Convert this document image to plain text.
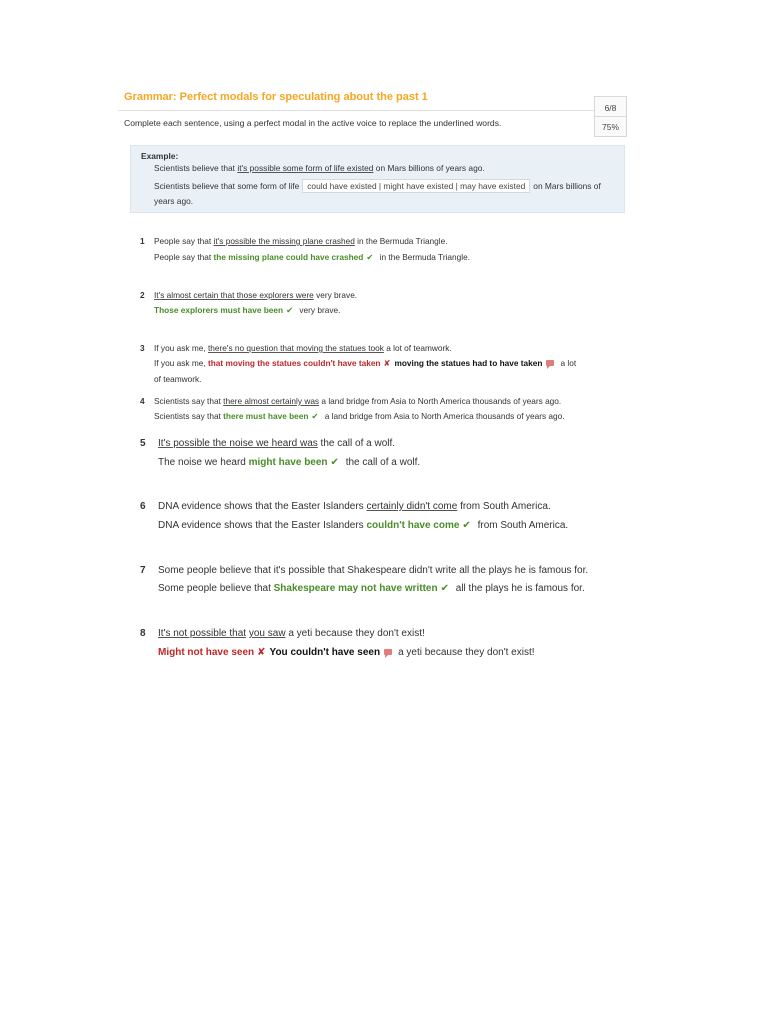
Grammar: Perfect modals for speculating about the past 1
Complete each sentence, using a perfect modal in the active voice to replace the underlined words.
6/8
75%
Example:
Scientists believe that it's possible some form of life existed on Mars billions of years ago.
Scientists believe that some form of life could have existed | might have existed | may have existed on Mars billions of
years ago.
1 People say that it's possible the missing plane crashed in the Bermuda Triangle.
People say that the missing plane could have crashed ✔ in the Bermuda Triangle.
2 It's almost certain that those explorers were very brave.
Those explorers must have been ✔ very brave.
3 If you ask me, there's no question that moving the statues took a lot of teamwork.
If you ask me, that moving the statues couldn't have taken ✘ moving the statues had to have taken a lot
of teamwork.
4 Scientists say that there almost certainly was a land bridge from Asia to North America thousands of years ago.
Scientists say that there must have been ✔ a land bridge from Asia to North America thousands of years ago.
5 It's possible the noise we heard was the call of a wolf.
The noise we heard might have been ✔ the call of a wolf.
6 DNA evidence shows that the Easter Islanders certainly didn't come from South America.
DNA evidence shows that the Easter Islanders couldn't have come ✔ from South America.
7 Some people believe that it's possible that Shakespeare didn't write all the plays he is famous for.
Some people believe that Shakespeare may not have written ✔ all the plays he is famous for.
8 It's not possible that you saw a yeti because they don't exist!
Might not have seen ✘ You couldn't have seen a yeti because they don't exist!
